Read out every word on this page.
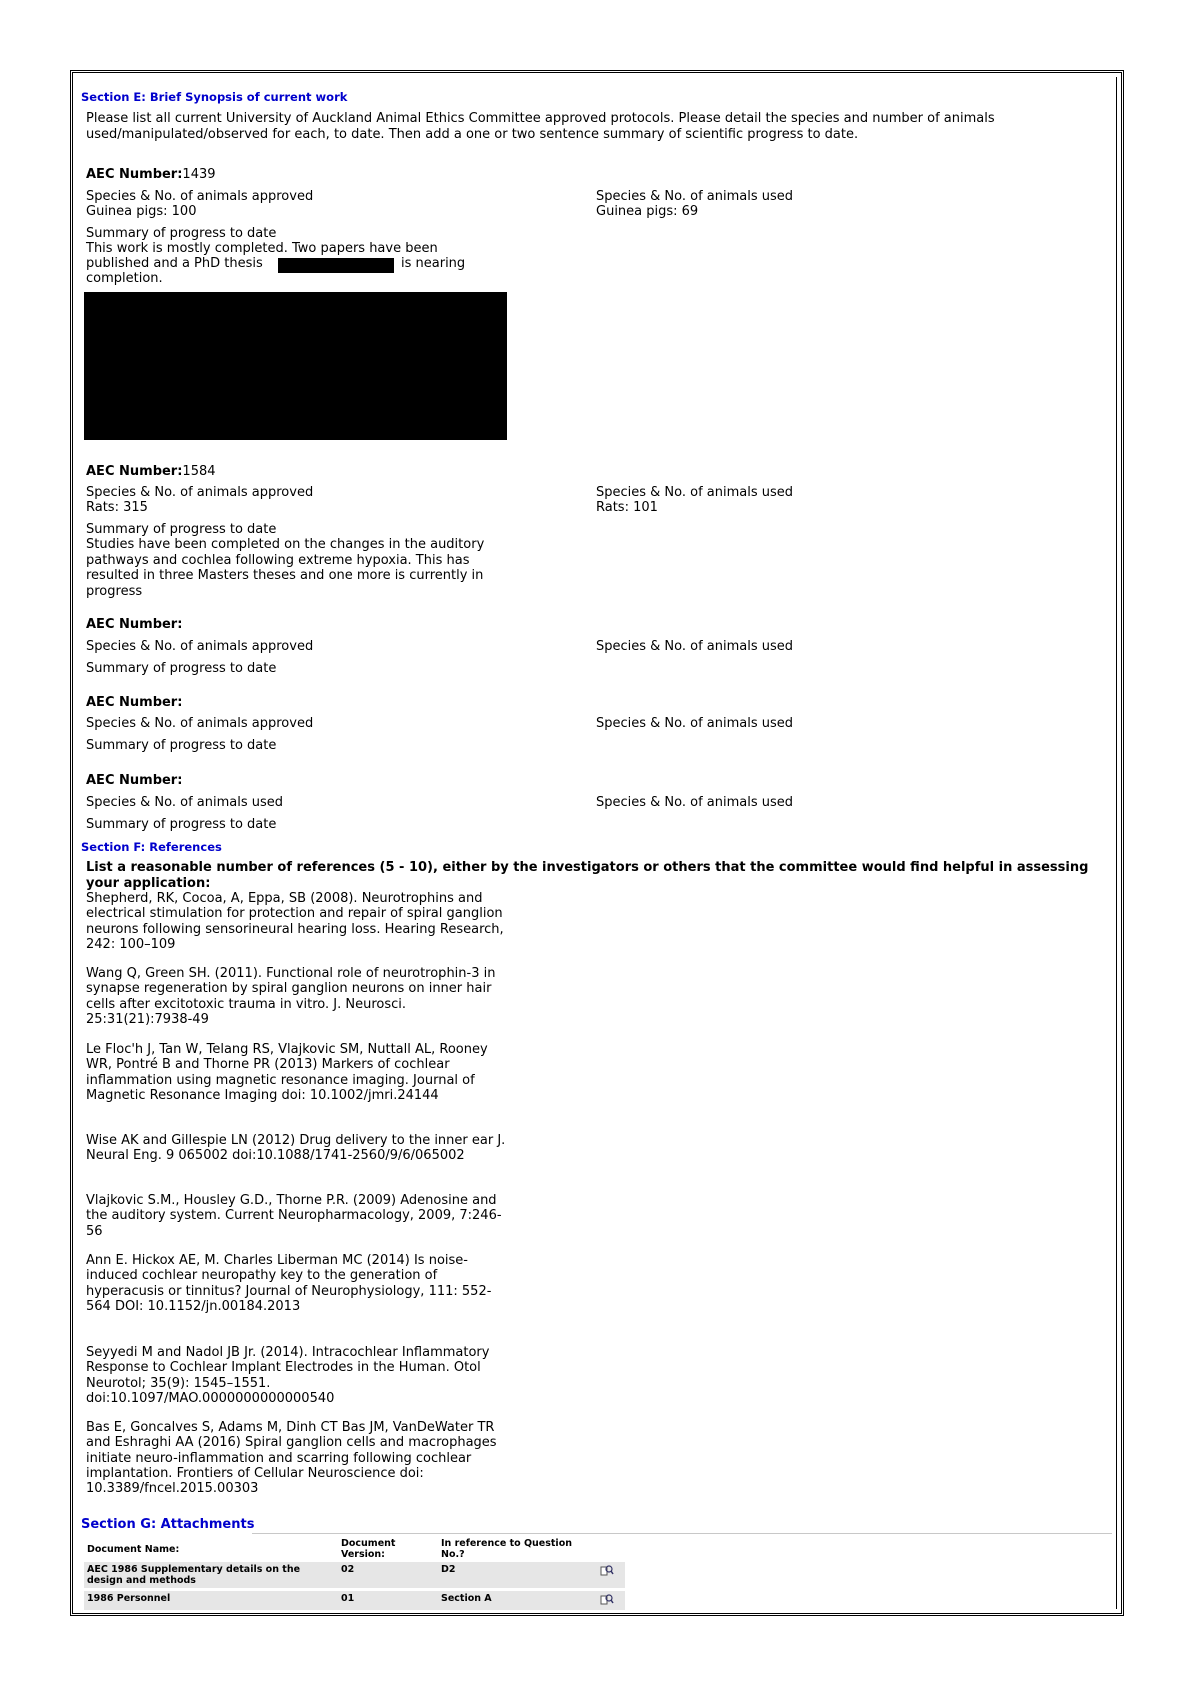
Section E: Brief Synopsis of current work
Please list all current University of Auckland Animal Ethics Committee approved protocols. Please detail the species and number of animals used/manipulated/observed for each, to date. Then add a one or two sentence summary of scientific progress to date.
AEC Number:1439
Species & No. of animals approved
Guinea pigs: 100
Species & No. of animals used
Guinea pigs: 69
Summary of progress to date
This work is mostly completed. Two papers have been
published and a PhD thesis	is nearing
completion.
AEC Number:1584
Species & No. of animals approved
Rats: 315
Species & No. of animals used
Rats: 101
Summary of progress to date
Studies have been completed on the changes in the auditory pathways and cochlea following extreme hypoxia. This has resulted in three Masters theses and one more is currently in progress
AEC Number:
Species & No. of animals approved	Species & No. of animals used
Summary of progress to date
AEC Number:
Species & No. of animals approved	Species & No. of animals used
Summary of progress to date
AEC Number:
Species & No. of animals used	Species & No. of animals used
Summary of progress to date
Section F: References
List a reasonable number of references (5 - 10), either by the investigators or others that the committee would find helpful in assessing your application:
Shepherd, RK, Cocoa, A, Eppa, SB (2008). Neurotrophins and electrical stimulation for protection and repair of spiral ganglion neurons following sensorineural hearing loss. Hearing Research, 242: 100–109
Wang Q, Green SH. (2011). Functional role of neurotrophin-3 in synapse regeneration by spiral ganglion neurons on inner hair cells after excitotoxic trauma in vitro. J. Neurosci. 25:31(21):7938-49
Le Floc'h J, Tan W, Telang RS, Vlajkovic SM, Nuttall AL, Rooney WR, Pontré B and Thorne PR (2013) Markers of cochlear inflammation using magnetic resonance imaging. Journal of Magnetic Resonance Imaging doi: 10.1002/jmri.24144
Wise AK and Gillespie LN (2012) Drug delivery to the inner ear J. Neural Eng. 9 065002 doi:10.1088/1741-2560/9/6/065002
Vlajkovic S.M., Housley G.D., Thorne P.R. (2009) Adenosine and the auditory system. Current Neuropharmacology, 2009, 7:246-56
Ann E. Hickox AE, M. Charles Liberman MC (2014) Is noise-induced cochlear neuropathy key to the generation of hyperacusis or tinnitus? Journal of Neurophysiology, 111: 552-564 DOI: 10.1152/jn.00184.2013
Seyyedi M and Nadol JB Jr. (2014). Intracochlear Inflammatory Response to Cochlear Implant Electrodes in the Human. Otol Neurotol; 35(9): 1545–1551. doi:10.1097/MAO.0000000000000540
Bas E, Goncalves S, Adams M, Dinh CT Bas JM, VanDeWater TR and Eshraghi AA (2016) Spiral ganglion cells and macrophages initiate neuro-inflammation and scarring following cochlear implantation. Frontiers of Cellular Neuroscience doi: 10.3389/fncel.2015.00303
Section G: Attachments
Document Name:	Document Version:	In reference to Question No.?	
AEC 1986 Supplementary details on the design and methods	02	D2	
1986 Personnel	01	Section A	
